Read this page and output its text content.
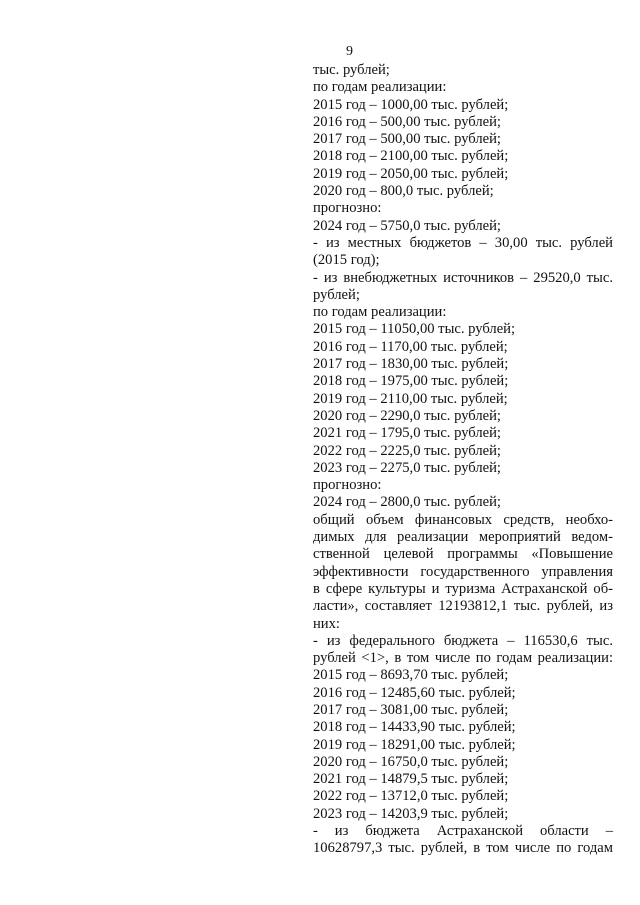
9
тыс. рублей;
по годам реализации:
2015 год – 1000,00 тыс. рублей;
2016 год – 500,00 тыс. рублей;
2017 год – 500,00 тыс. рублей;
2018 год – 2100,00 тыс. рублей;
2019 год – 2050,00 тыс. рублей;
2020 год – 800,0 тыс. рублей;
прогнозно:
2024 год – 5750,0 тыс. рублей;
- из местных бюджетов – 30,00 тыс. рублей
(2015 год);
- из внебюджетных источников – 29520,0 тыс.
рублей;
по годам реализации:
2015 год – 11050,00 тыс. рублей;
2016 год – 1170,00 тыс. рублей;
2017 год – 1830,00 тыс. рублей;
2018 год – 1975,00 тыс. рублей;
2019 год – 2110,00 тыс. рублей;
2020 год – 2290,0 тыс. рублей;
2021 год – 1795,0 тыс. рублей;
2022 год – 2225,0 тыс. рублей;
2023 год – 2275,0 тыс. рублей;
прогнозно:
2024 год – 2800,0 тыс. рублей;
общий объем финансовых средств, необхо-
димых для реализации мероприятий ведом-
ственной целевой программы «Повышение
эффективности государственного управления
в сфере культуры и туризма Астраханской об-
ласти», составляет 12193812,1 тыс. рублей, из
них:
- из федерального бюджета – 116530,6 тыс.
рублей <1>, в том числе по годам реализации:
2015 год – 8693,70 тыс. рублей;
2016 год – 12485,60 тыс. рублей;
2017 год – 3081,00 тыс. рублей;
2018 год – 14433,90 тыс. рублей;
2019 год – 18291,00 тыс. рублей;
2020 год – 16750,0 тыс. рублей;
2021 год – 14879,5 тыс. рублей;
2022 год – 13712,0 тыс. рублей;
2023 год – 14203,9 тыс. рублей;
- из бюджета Астраханской области –
10628797,3 тыс. рублей, в том числе по годам
